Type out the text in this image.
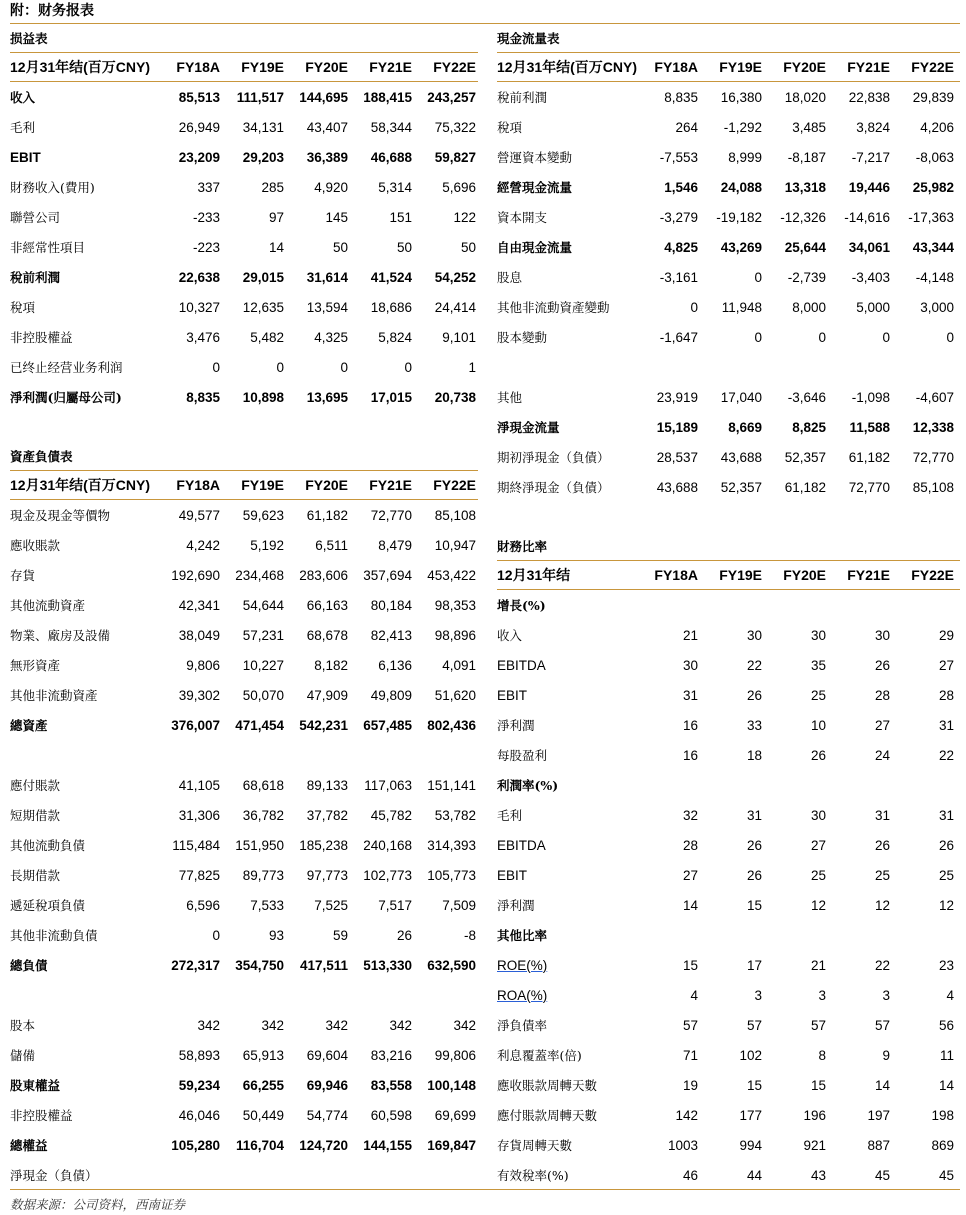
附：财务报表
损益表
12月31年结(百万CNY)	FY18A	FY19E	FY20E	FY21E	FY22E
收入	85,513	111,517	144,695	188,415	243,257
毛利	26,949	34,131	43,407	58,344	75,322
EBIT	23,209	29,203	36,389	46,688	59,827
財務收入(費用)	337	285	4,920	5,314	5,696
聯營公司	-233	97	145	151	122
非經常性項目	-223	14	50	50	50
稅前利潤	22,638	29,015	31,614	41,524	54,252
稅項	10,327	12,635	13,594	18,686	24,414
非控股權益	3,476	5,482	4,325	5,824	9,101
已终止经营业务利润	0	0	0	0	1
淨利潤(归屬母公司)	8,835	10,898	13,695	17,015	20,738
資產負債表
12月31年结(百万CNY)	FY18A	FY19E	FY20E	FY21E	FY22E
現金及現金等價物	49,577	59,623	61,182	72,770	85,108
應收賬款	4,242	5,192	6,511	8,479	10,947
存貨	192,690	234,468	283,606	357,694	453,422
其他流動資產	42,341	54,644	66,163	80,184	98,353
物業、廠房及設備	38,049	57,231	68,678	82,413	98,896
無形資產	9,806	10,227	8,182	6,136	4,091
其他非流動資產	39,302	50,070	47,909	49,809	51,620
總資產	376,007	471,454	542,231	657,485	802,436
應付賬款	41,105	68,618	89,133	117,063	151,141
短期借款	31,306	36,782	37,782	45,782	53,782
其他流動負債	115,484	151,950	185,238	240,168	314,393
長期借款	77,825	89,773	97,773	102,773	105,773
遞延稅項負債	6,596	7,533	7,525	7,517	7,509
其他非流動負債	0	93	59	26	-8
總負債	272,317	354,750	417,511	513,330	632,590
股本	342	342	342	342	342
儲備	58,893	65,913	69,604	83,216	99,806
股東權益	59,234	66,255	69,946	83,558	100,148
非控股權益	46,046	50,449	54,774	60,598	69,699
總權益	105,280	116,704	124,720	144,155	169,847
淨現金（負債）
現金流量表
12月31年结(百万CNY)	FY18A	FY19E	FY20E	FY21E	FY22E
稅前利潤	8,835	16,380	18,020	22,838	29,839
稅項	264	-1,292	3,485	3,824	4,206
營運資本變動	-7,553	8,999	-8,187	-7,217	-8,063
經營現金流量	1,546	24,088	13,318	19,446	25,982
資本開支	-3,279	-19,182	-12,326	-14,616	-17,363
自由現金流量	4,825	43,269	25,644	34,061	43,344
股息	-3,161	0	-2,739	-3,403	-4,148
其他非流動資產變動	0	11,948	8,000	5,000	3,000
股本變動	-1,647	0	0	0	0
其他	23,919	17,040	-3,646	-1,098	-4,607
淨現金流量	15,189	8,669	8,825	11,588	12,338
期初淨現金（負債）	28,537	43,688	52,357	61,182	72,770
期終淨現金（負債）	43,688	52,357	61,182	72,770	85,108
財務比率
12月31年结	FY18A	FY19E	FY20E	FY21E	FY22E
增長(%)
收入	21	30	30	30	29
EBITDA	30	22	35	26	27
EBIT	31	26	25	28	28
淨利潤	16	33	10	27	31
每股盈利	16	18	26	24	22
利潤率(%)
毛利	32	31	30	31	31
EBITDA	28	26	27	26	26
EBIT	27	26	25	25	25
淨利潤	14	15	12	12	12
其他比率
ROE(%)	15	17	21	22	23
ROA(%)	4	3	3	3	4
淨負債率	57	57	57	57	56
利息覆蓋率(倍)	71	102	8	9	11
應收賬款周轉天數	19	15	15	14	14
應付賬款周轉天數	142	177	196	197	198
存貨周轉天數	1003	994	921	887	869
有效稅率(%)	46	44	43	45	45
数据来源：公司资料，西南证券
